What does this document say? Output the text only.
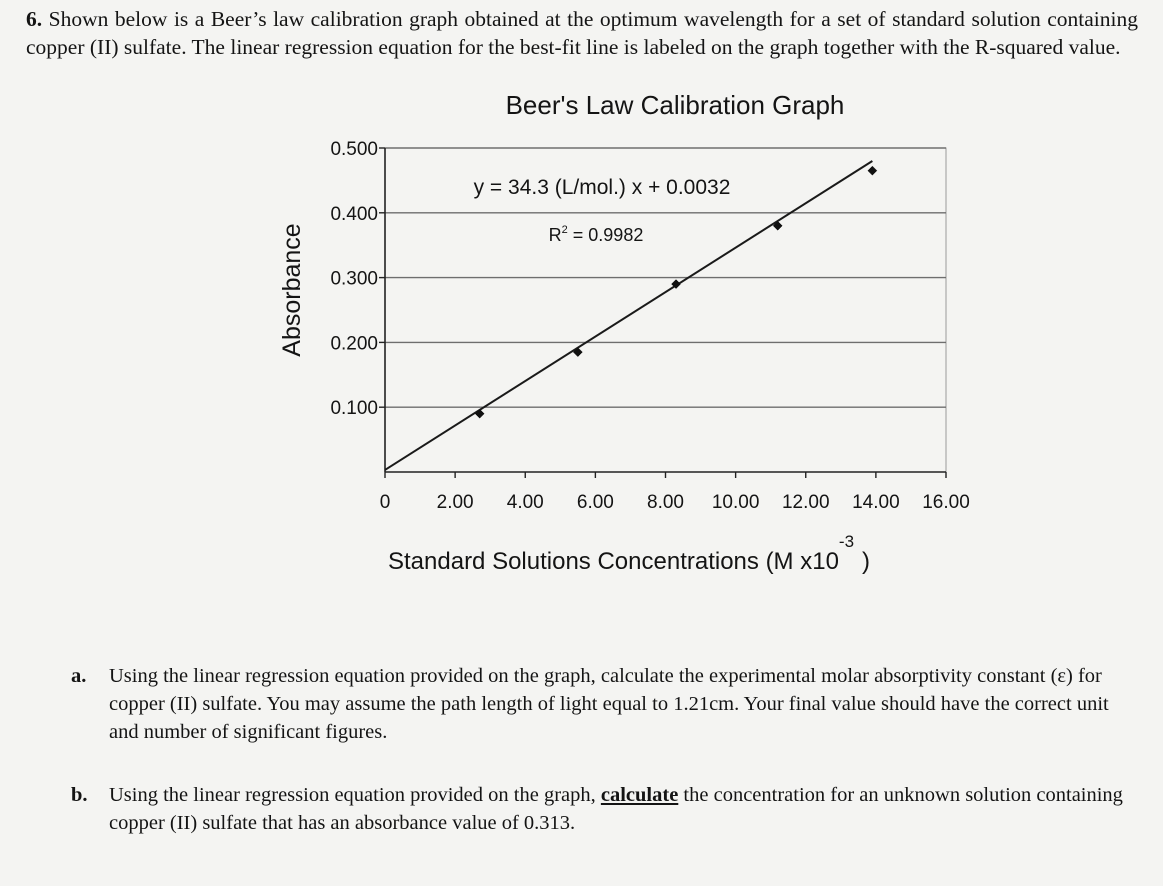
6. Shown below is a Beer’s law calibration graph obtained at the optimum wavelength for a set of standard solution containing copper (II) sulfate. The linear regression equation for the best-fit line is labeled on the graph together with the R-squared value.
Beer's Law Calibration Graph
0.100
0.200
0.300
0.400
0.500
0 2.00 4.00 6.00 8.00 10.00 12.00 14.00 16.00
y = 34.3 (L/mol.) x + 0.0032
$R^2 = 0.9982$
Absorbance
Standard Solutions Concentrations (M $x10^{-3}$)
a. Using the linear regression equation provided on the graph, calculate the experimental molar absorptivity constant (ε) for copper (II) sulfate. You may assume the path length of light equal to 1.21cm. Your final value should have the correct unit and number of significant figures.
b. Using the linear regression equation provided on the graph, calculate the concentration for an unknown solution containing copper (II) sulfate that has an absorbance value of 0.313.
